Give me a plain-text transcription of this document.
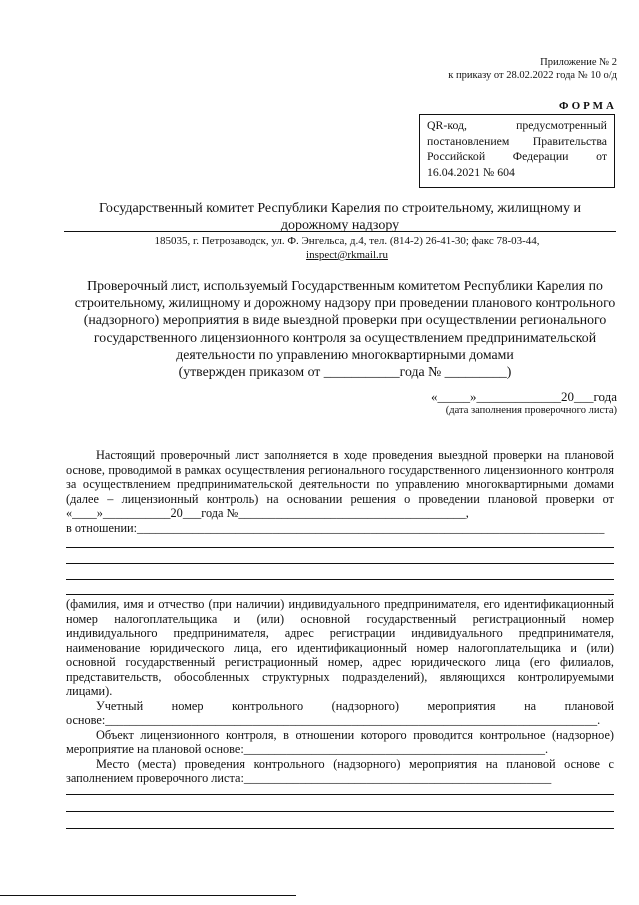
Приложение № 2
к приказу от 28.02.2022 года № 10 о/д
ФОРМА
QR-код, предусмотренный постановлением Правительства Российской Федерации от 16.04.2021 № 604
Государственный комитет Республики Карелия по строительному, жилищному и дорожному надзору
185035, г. Петрозаводск, ул. Ф. Энгельса, д.4, тел. (814-2) 26-41-30; факс 78-03-44,
inspect@rkmail.ru
Проверочный лист, используемый Государственным комитетом Республики Карелия по строительному, жилищному и дорожному надзору при проведении планового контрольного (надзорного) мероприятия в виде выездной проверки при осуществлении регионального государственного лицензионного контроля за осуществлением предпринимательской деятельности по управлению многоквартирными домами
(утвержден приказом от ___________года № _________)
«_____»_____________20___года
(дата заполнения проверочного листа)
Настоящий проверочный лист заполняется в ходе проведения выездной проверки на плановой основе, проводимой в рамках осуществления регионального государственного лицензионного контроля за осуществлением предпринимательской деятельности по управлению многоквартирными домами (далее – лицензионный контроль) на основании решения о проведении плановой проверки от «____»___________20___года №_____________________________________,
в отношении:____________________________________________________________________________
(фамилия, имя и отчество (при наличии) индивидуального предпринимателя, его идентификационный номер налогоплательщика и (или) основной государственный регистрационный номер индивидуального предпринимателя, адрес регистрации индивидуального предпринимателя, наименование юридического лица, его идентификационный номер налогоплательщика и (или) основной государственный регистрационный номер, адрес юридического лица (его филиалов, представительств, обособленных структурных подразделений), являющихся контролируемыми лицами).
Учетный номер контрольного (надзорного) мероприятия на плановой основе:________________________________________________________________________________.
Объект лицензионного контроля, в отношении которого проводится контрольное (надзорное) мероприятие на плановой основе:_________________________________________________.
Место (места) проведения контрольного (надзорного) мероприятия на плановой основе с заполнением проверочного листа:__________________________________________________
